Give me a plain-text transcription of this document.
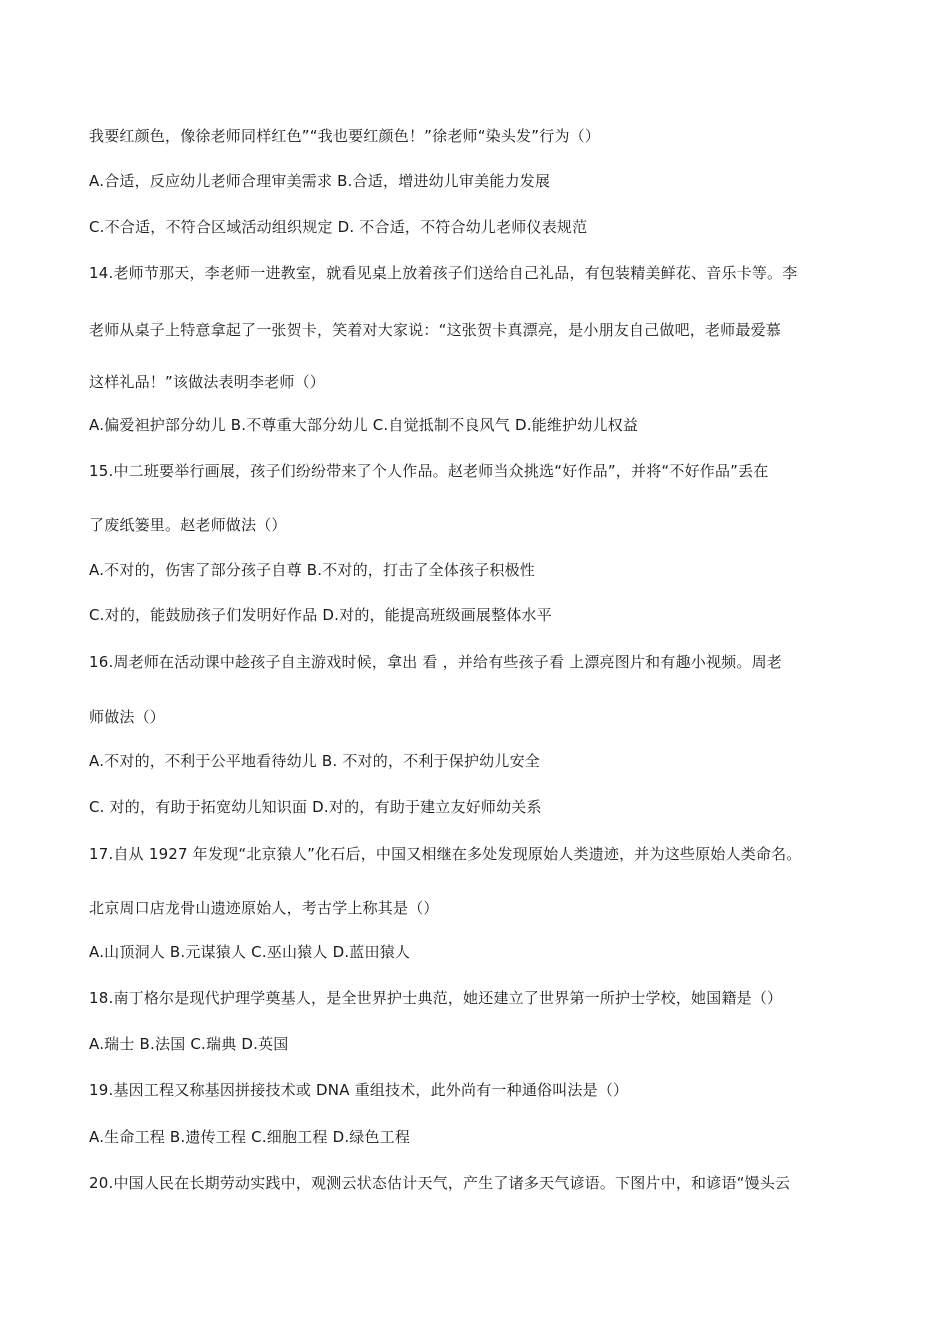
我要红颜色，像徐老师同样红色”“我也要红颜色！”徐老师“染头发”行为（）
A.合适，反应幼儿老师合理审美需求 B.合适，增进幼儿审美能力发展
C.不合适，不符合区域活动组织规定 D. 不合适，不符合幼儿老师仪表规范
14.老师节那天，李老师一进教室，就看见桌上放着孩子们送给自己礼品，有包装精美鲜花、音乐卡等。李
老师从桌子上特意拿起了一张贺卡，笑着对大家说：“这张贺卡真漂亮，是小朋友自己做吧，老师最爱慕
这样礼品！”该做法表明李老师（）
A.偏爱袒护部分幼儿 B.不尊重大部分幼儿 C.自觉抵制不良风气 D.能维护幼儿权益
15.中二班要举行画展，孩子们纷纷带来了个人作品。赵老师当众挑选“好作品”，并将“不好作品”丢在
了废纸篓里。赵老师做法（）
A.不对的，伤害了部分孩子自尊 B.不对的，打击了全体孩子积极性
C.对的，能鼓励孩子们发明好作品 D.对的，能提高班级画展整体水平
16.周老师在活动课中趁孩子自主游戏时候，拿出 看 ，并给有些孩子看 上漂亮图片和有趣小视频。周老
师做法（）
A.不对的，不利于公平地看待幼儿 B. 不对的，不利于保护幼儿安全
C. 对的，有助于拓宽幼儿知识面 D.对的，有助于建立友好师幼关系
17.自从 1927 年发现“北京猿人”化石后，中国又相继在多处发现原始人类遗迹，并为这些原始人类命名。
北京周口店龙骨山遗迹原始人，考古学上称其是（）
A.山顶洞人 B.元谋猿人 C.巫山猿人 D.蓝田猿人
18.南丁格尔是现代护理学奠基人，是全世界护士典范，她还建立了世界第一所护士学校，她国籍是（）
A.瑞士 B.法国 C.瑞典 D.英国
19.基因工程又称基因拼接技术或 DNA 重组技术，此外尚有一种通俗叫法是（）
A.生命工程 B.遗传工程 C.细胞工程 D.绿色工程
20.中国人民在长期劳动实践中，观测云状态估计天气，产生了诸多天气谚语。下图片中，和谚语“馒头云
